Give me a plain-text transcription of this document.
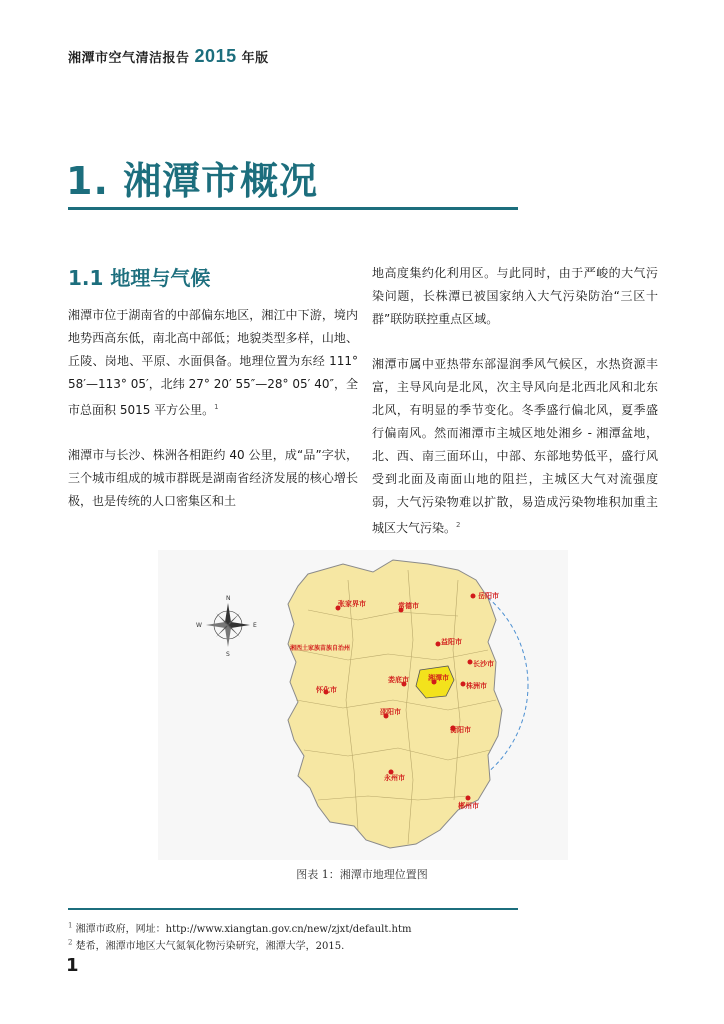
湘潭市空气清洁报告 2015 年版
1. 湘潭市概况
1.1 地理与气候

湘潭市位于湖南省的中部偏东地区，湘江中下游，境内地势西高东低，南北高中部低；地貌类型多样，山地、丘陵、岗地、平原、水面俱备。地理位置为东经 111° 58′—113° 05′，北纬 27° 20′ 55″—28° 05′ 40″，全市总面积 5015 平方公里。$^1$

湘潭市与长沙、株洲各相距约 40 公里，成“品”字状，三个城市组成的城市群既是湖南省经济发展的核心增长极，也是传统的人口密集区和土

地高度集约化利用区。与此同时，由于严峻的大气污染问题，长株潭已被国家纳入大气污染防治“三区十群”联防联控重点区域。

湘潭市属中亚热带东部湿润季风气候区，水热资源丰富，主导风向是北风，次主导风向是北西北风和北东北风，有明显的季节变化。冬季盛行偏北风，夏季盛行偏南风。然而湘潭市主城区地处湘乡 - 湘潭盆地，北、西、南三面环山，中部、东部地势低平，盛行风受到北面及南面山地的阻拦，主城区大气对流强度弱，大气污染物难以扩散，易造成污染物堆积加重主城区大气污染。$^2$

N
S
E
W
岳阳市
常德市
张家界市
益阳市
湘西土家族苗族自治州
长沙市
湘潭市
株洲市
娄底市
邵阳市
怀化市
衡阳市
永州市
郴州市
图表 1：湘潭市地理位置图
$^1$ 湘潭市政府，网址：http://www.xiangtan.gov.cn/new/zjxt/default.htm
$^2$ 楚希，湘潭市地区大气氮氧化物污染研究，湘潭大学，2015.
1
